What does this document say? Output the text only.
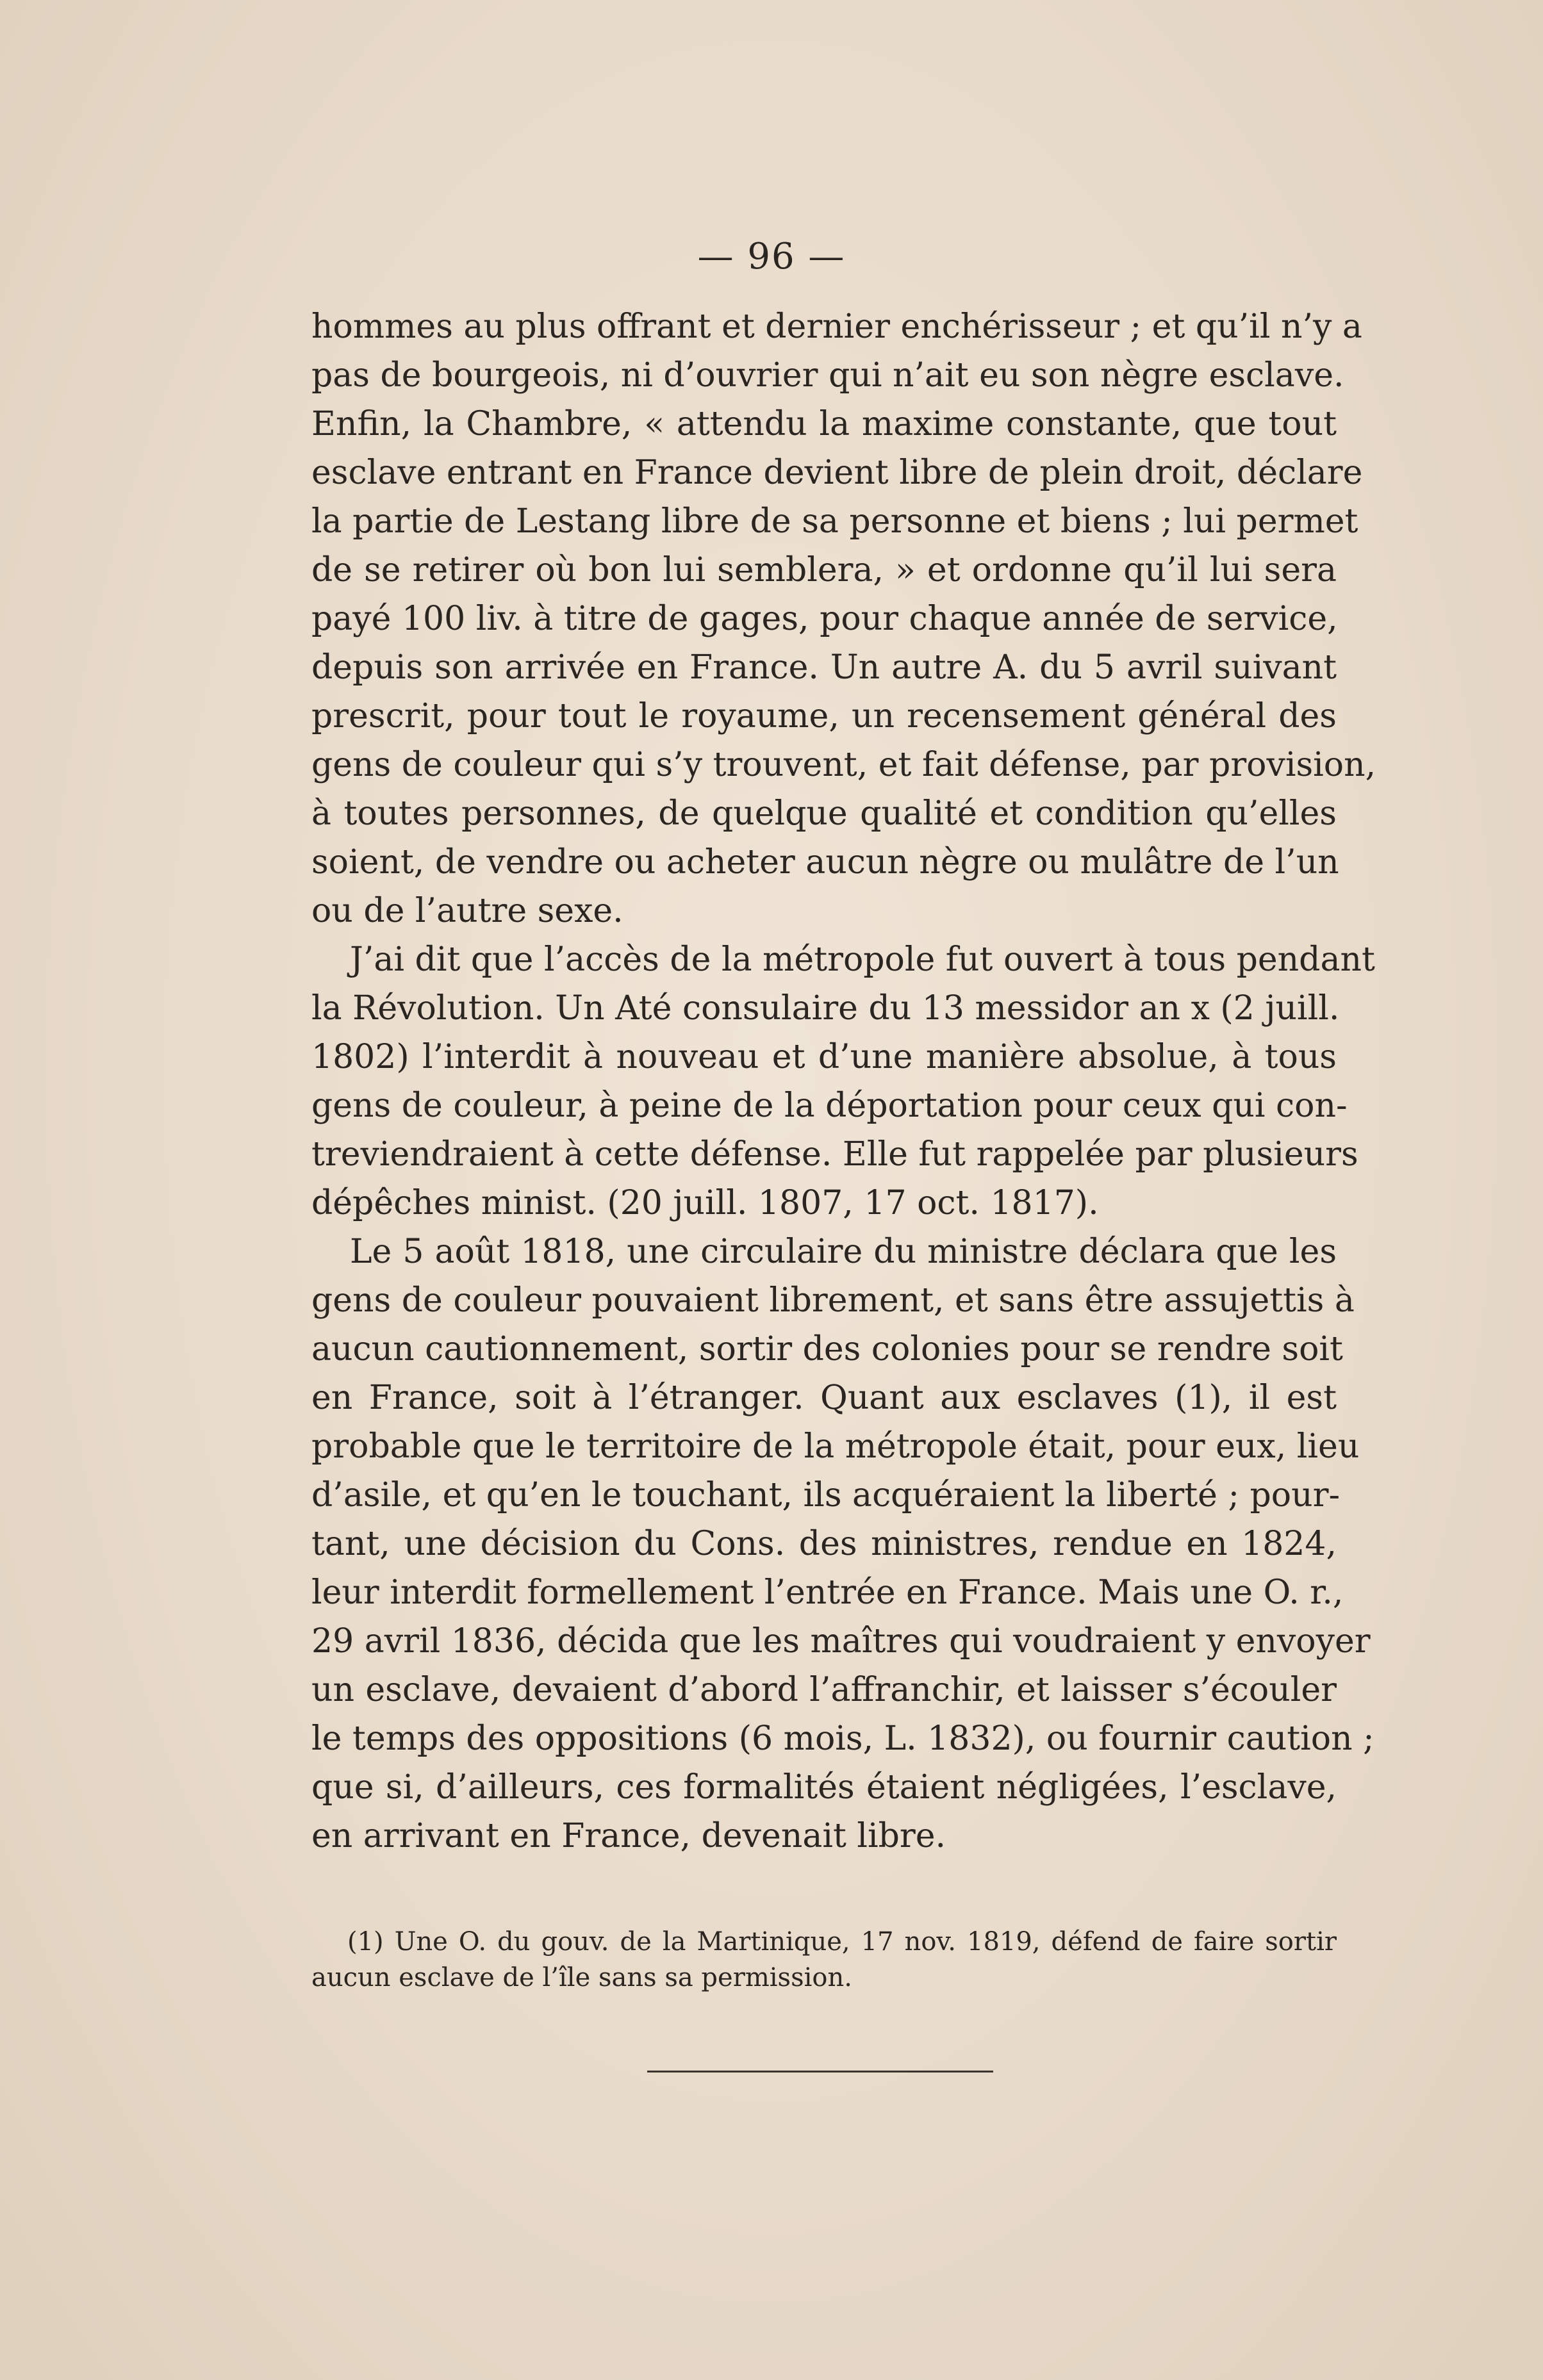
— 96 —
hommes au plus offrant et dernier enchérisseur ; et qu’il n’y a
pas de bourgeois, ni d’ouvrier qui n’ait eu son nègre esclave.
Enfin, la Chambre, « attendu la maxime constante, que tout
esclave entrant en France devient libre de plein droit, déclare
la partie de Lestang libre de sa personne et biens ; lui permet
de se retirer où bon lui semblera, » et ordonne qu’il lui sera
payé 100 liv. à titre de gages, pour chaque année de service,
depuis son arrivée en France. Un autre A. du 5 avril suivant
prescrit, pour tout le royaume, un recensement général des
gens de couleur qui s’y trouvent, et fait défense, par provision,
à toutes personnes, de quelque qualité et condition qu’elles
soient, de vendre ou acheter aucun nègre ou mulâtre de l’un
ou de l’autre sexe.
J’ai dit que l’accès de la métropole fut ouvert à tous pendant
la Révolution. Un Até consulaire du 13 messidor an x (2 juill.
1802) l’interdit à nouveau et d’une manière absolue, à tous
gens de couleur, à peine de la déportation pour ceux qui con-
treviendraient à cette défense. Elle fut rappelée par plusieurs
dépêches minist. (20 juill. 1807, 17 oct. 1817).
Le 5 août 1818, une circulaire du ministre déclara que les
gens de couleur pouvaient librement, et sans être assujettis à
aucun cautionnement, sortir des colonies pour se rendre soit
en France, soit à l’étranger. Quant aux esclaves (1), il est
probable que le territoire de la métropole était, pour eux, lieu
d’asile, et qu’en le touchant, ils acquéraient la liberté ; pour-
tant, une décision du Cons. des ministres, rendue en 1824,
leur interdit formellement l’entrée en France. Mais une O. r.,
29 avril 1836, décida que les maîtres qui voudraient y envoyer
un esclave, devaient d’abord l’affranchir, et laisser s’écouler
le temps des oppositions (6 mois, L. 1832), ou fournir caution ;
que si, d’ailleurs, ces formalités étaient négligées, l’esclave,
en arrivant en France, devenait libre.
(1) Une O. du gouv. de la Martinique, 17 nov. 1819, défend de faire sortir
aucun esclave de l’île sans sa permission.
